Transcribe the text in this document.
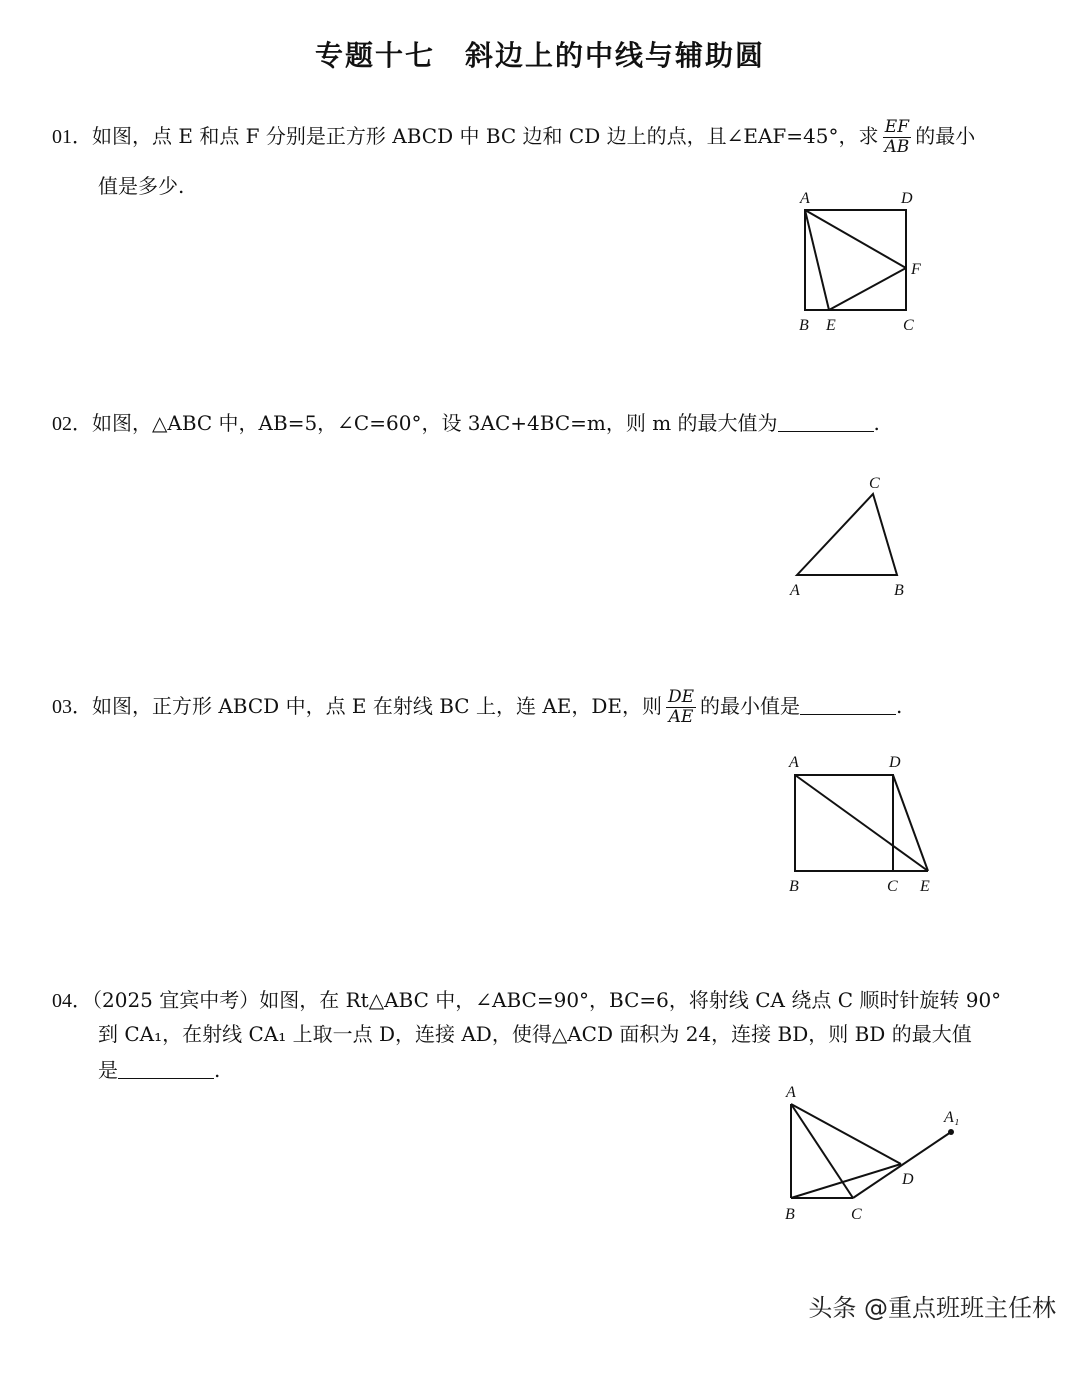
专题十七　斜边上的中线与辅助圆
01．如图，点 E 和点 F 分别是正方形 ABCD 中 BC 边和 CD 边上的点，且∠EAF=45°，求 $\frac{EF}{AB}$ 的最小
值是多少.
A	D
F
B E	C
C
A	B
A	D
B	C E
A
A₁
D
B	C
02．如图，△ABC 中，AB=5，∠C=60°，设 3AC+4BC=m，则 m 的最大值为	.
03．如图，正方形 ABCD 中，点 E 在射线 BC 上，连 AE，DE，则 $\frac{DE}{AE}$ 的最小值是	.
04．（2025 宜宾中考）如图，在 Rt△ABC 中，∠ABC=90°，BC=6，将射线 CA 绕点 C 顺时针旋转 90°
到 CA₁，在射线 CA₁ 上取一点 D，连接 AD，使得△ACD 面积为 24，连接 BD，则 BD 的最大值
是	.
头条 @重点班班主任林
